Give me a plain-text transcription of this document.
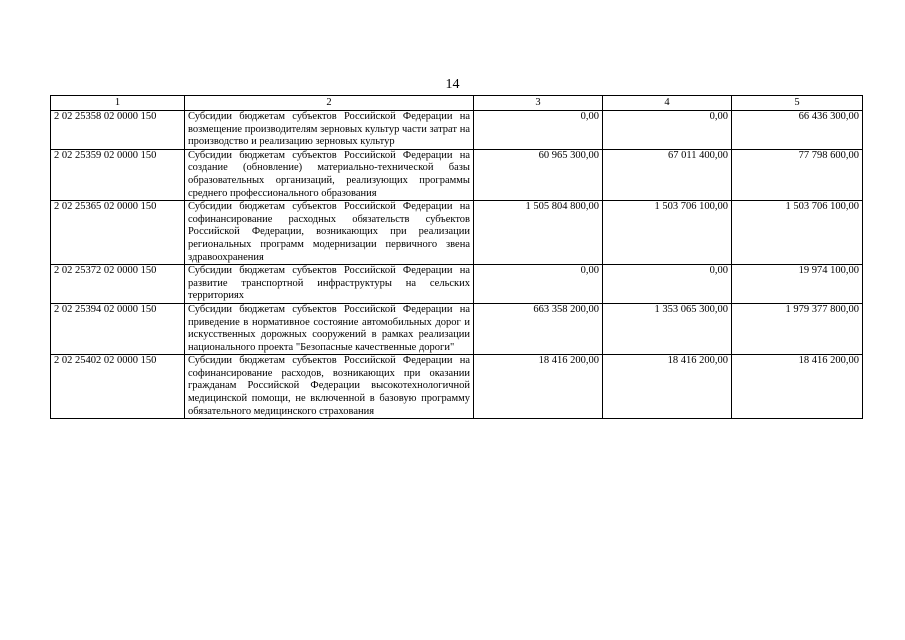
14
1	2	3	4	5
2 02 25358 02 0000 150	Субсидии бюджетам субъектов Российской Федерации на возмещение производителям зерновых культур части затрат на производство и реализацию зерновых культур	0,00	0,00	66 436 300,00
2 02 25359 02 0000 150	Субсидии бюджетам субъектов Российской Федерации на создание (обновление) материально-технической базы образовательных организаций, реализующих программы среднего профессионального образования	60 965 300,00	67 011 400,00	77 798 600,00
2 02 25365 02 0000 150	Субсидии бюджетам субъектов Российской Федерации на софинансирование расходных обязательств субъектов Российской Федерации, возникающих при реализации региональных программ модернизации первичного звена здравоохранения	1 505 804 800,00	1 503 706 100,00	1 503 706 100,00
2 02 25372 02 0000 150	Субсидии бюджетам субъектов Российской Федерации на развитие транспортной инфраструктуры на сельских территориях	0,00	0,00	19 974 100,00
2 02 25394 02 0000 150	Субсидии бюджетам субъектов Российской Федерации на приведение в нормативное состояние автомобильных дорог и искусственных дорожных сооружений в рамках реализации национального проекта "Безопасные качественные дороги"	663 358 200,00	1 353 065 300,00	1 979 377 800,00
2 02 25402 02 0000 150	Субсидии бюджетам субъектов Российской Федерации на софинансирование расходов, возникающих при оказании гражданам Российской Федерации высокотехнологичной медицинской помощи, не включенной в базовую программу обязательного медицинского страхования	18 416 200,00	18 416 200,00	18 416 200,00
